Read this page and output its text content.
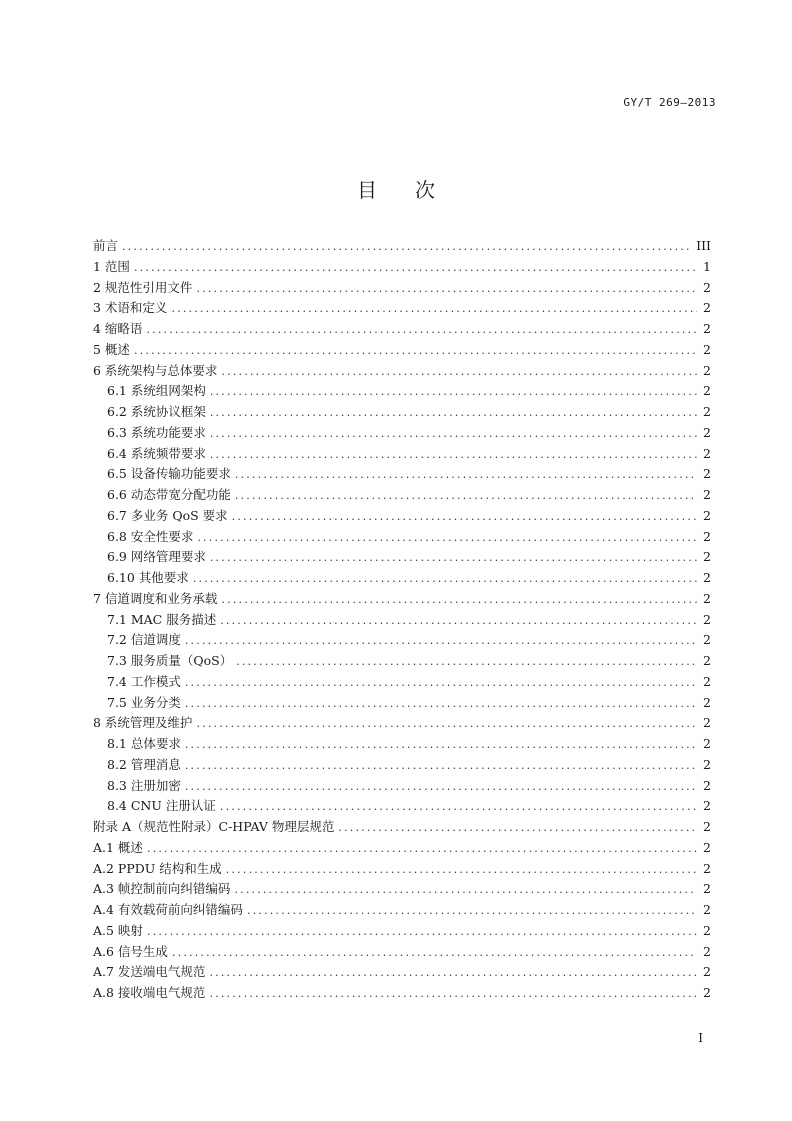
GY/T 269—2013
目 次
前言 .....	III
1 范围 .....	1
2 规范性引用文件 .....	2
3 术语和定义 .....	2
4 缩略语 .....	2
5 概述 .....	2
6 系统架构与总体要求 .....	2
6.1 系统组网架构 .....	2
6.2 系统协议框架 .....	2
6.3 系统功能要求 .....	2
6.4 系统频带要求 .....	2
6.5 设备传输功能要求 .....	2
6.6 动态带宽分配功能 .....	2
6.7 多业务 QoS 要求 .....	2
6.8 安全性要求 .....	2
6.9 网络管理要求 .....	2
6.10 其他要求 .....	2
7 信道调度和业务承载 .....	2
7.1 MAC 服务描述 .....	2
7.2 信道调度 .....	2
7.3 服务质量（QoS） .....	2
7.4 工作模式 .....	2
7.5 业务分类 .....	2
8 系统管理及维护 .....	2
8.1 总体要求 .....	2
8.2 管理消息 .....	2
8.3 注册加密 .....	2
8.4 CNU 注册认证 .....	2
附录 A（规范性附录）C-HPAV 物理层规范 .....	2
A.1 概述 .....	2
A.2 PPDU 结构和生成 .....	2
A.3 帧控制前向纠错编码 .....	2
A.4 有效载荷前向纠错编码 .....	2
A.5 映射 .....	2
A.6 信号生成 .....	2
A.7 发送端电气规范 .....	2
A.8 接收端电气规范 .....	2
I
